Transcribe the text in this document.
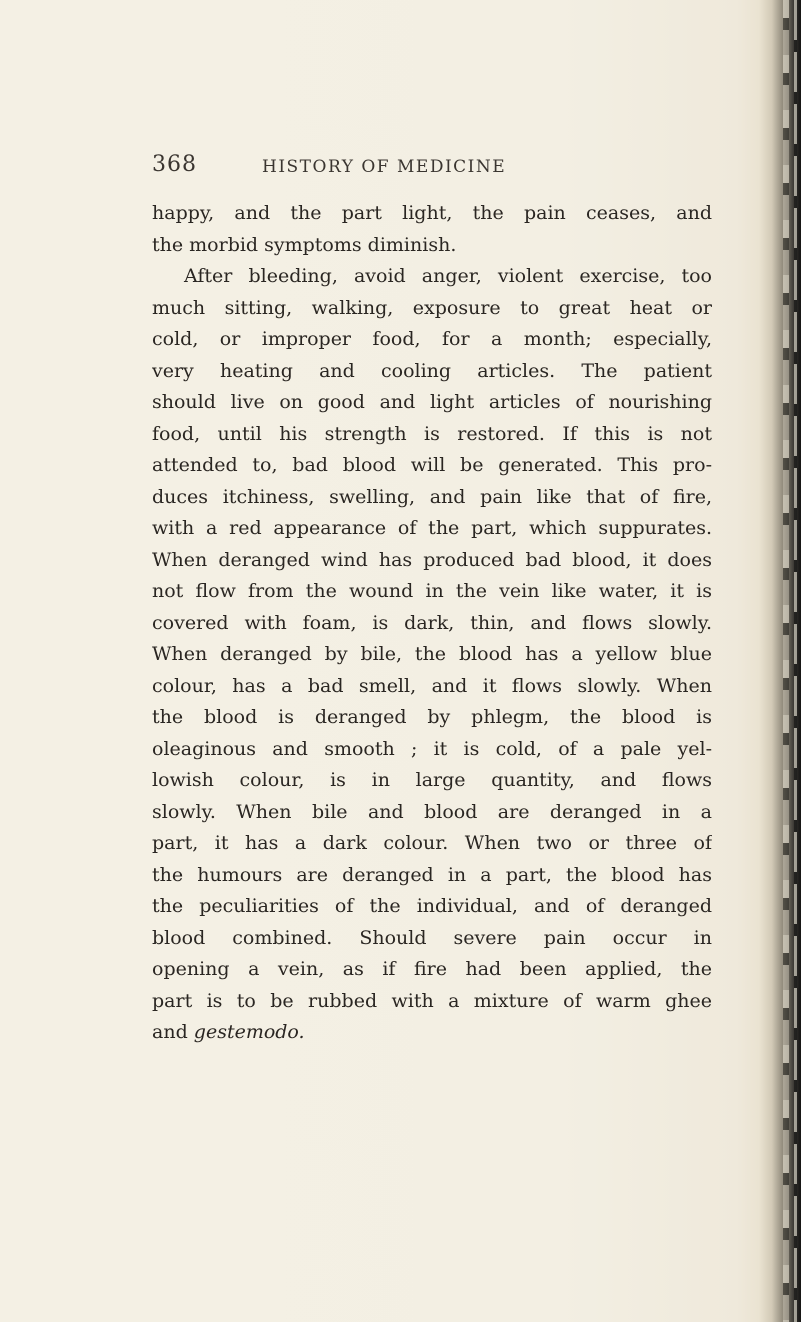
368	HISTORY OF MEDICINE
happy, and the part light, the pain ceases, and
the morbid symptoms diminish.
After bleeding, avoid anger, violent exercise, too
much sitting, walking, exposure to great heat or
cold, or improper food, for a month; especially,
very heating and cooling articles. The patient
should live on good and light articles of nourishing
food, until his strength is restored. If this is not
attended to, bad blood will be generated. This pro-
duces itchiness, swelling, and pain like that of fire,
with a red appearance of the part, which suppurates.
When deranged wind has produced bad blood, it does
not flow from the wound in the vein like water, it is
covered with foam, is dark, thin, and flows slowly.
When deranged by bile, the blood has a yellow blue
colour, has a bad smell, and it flows slowly. When
the blood is deranged by phlegm, the blood is
oleaginous and smooth ; it is cold, of a pale yel-
lowish colour, is in large quantity, and flows
slowly. When bile and blood are deranged in a
part, it has a dark colour. When two or three of
the humours are deranged in a part, the blood has
the peculiarities of the individual, and of deranged
blood combined. Should severe pain occur in
opening a vein, as if fire had been applied, the
part is to be rubbed with a mixture of warm ghee
and gestemodo.
